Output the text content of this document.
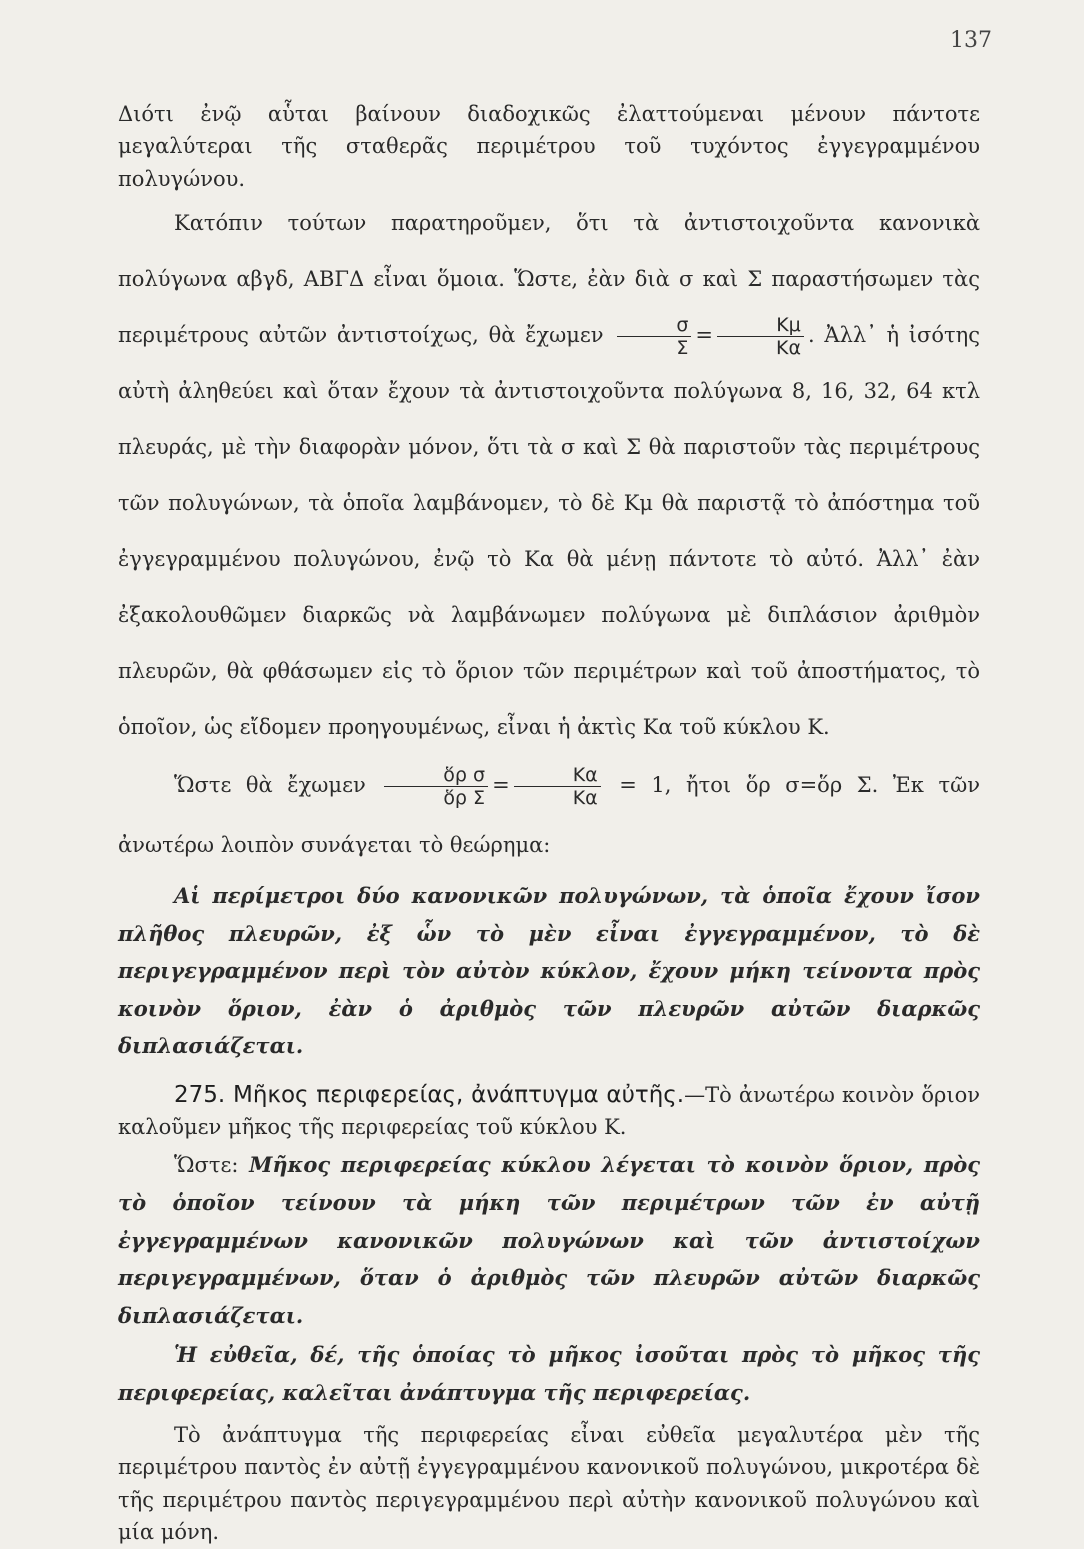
137

Διότι ἐνῷ αὗται βαίνουν διαδοχικῶς ἐλαττούμεναι μένουν πάντοτε μεγαλύτεραι τῆς σταθερᾶς περιμέτρου τοῦ τυχόντος ἐγγεγραμμένου πολυγώνου.

Κατόπιν τούτων παρατηροῦμεν, ὅτι τὰ ἀντιστοιχοῦντα κανονικὰ πολύγωνα αβγδ, ΑΒΓΔ εἶναι ὅμοια. Ὥστε, ἐὰν διὰ σ καὶ Σ παραστήσωμεν τὰς περιμέτρους αὐτῶν ἀντιστοίχως, θὰ ἔχωμεν $\frac{\sigma}{\Sigma} = \frac{K\mu}{K\alpha}$ . Ἀλλ᾽ ἡ ἰσότης αὐτὴ ἀληθεύει καὶ ὅταν ἔχουν τὰ ἀντιστοιχοῦντα πολύγωνα 8, 16, 32, 64 κτλ πλευράς, μὲ τὴν διαφορὰν μόνον, ὅτι τὰ σ καὶ Σ θὰ παριστοῦν τὰς περιμέτρους τῶν πολυγώνων, τὰ ὁποῖα λαμβάνομεν, τὸ δὲ Κμ θὰ παριστᾷ τὸ ἀπόστημα τοῦ ἐγγεγραμμένου πολυγώνου, ἐνῷ τὸ Κα θὰ μένῃ πάντοτε τὸ αὐτό. Ἀλλ᾽ ἐὰν ἐξακολουθῶμεν διαρκῶς νὰ λαμβάνωμεν πολύγωνα μὲ διπλάσιον ἀριθμὸν πλευρῶν, θὰ φθάσωμεν εἰς τὸ ὅριον τῶν περιμέτρων καὶ τοῦ ἀποστήματος, τὸ ὁποῖον, ὡς εἴδομεν προηγουμένως, εἶναι ἡ ἀκτὶς Κα τοῦ κύκλου Κ.

Ὥστε θὰ ἔχωμεν $\frac{\text{ὅρ σ}}{\text{ὅρ Σ}} = \frac{K\alpha}{K\alpha} = 1$, ἤτοι ὅρ σ=ὅρ Σ. Ἐκ τῶν ἀνωτέρω λοιπὸν συνάγεται τὸ θεώρημα:

Αἱ περίμετροι δύο κανονικῶν πολυγώνων, τὰ ὁποῖα ἔχουν ἴσον πλῆθος πλευρῶν, ἐξ ὧν τὸ μὲν εἶναι ἐγγεγραμμένον, τὸ δὲ περιγεγραμμένον περὶ τὸν αὐτὸν κύκλον, ἔχουν μήκη τείνοντα πρὸς κοινὸν ὅριον, ἐὰν ὁ ἀριθμὸς τῶν πλευρῶν αὐτῶν διαρκῶς διπλασιάζεται.

275. Μῆκος περιφερείας, ἀνάπτυγμα αὐτῆς.—Τὸ ἀνωτέρω κοινὸν ὅριον καλοῦμεν μῆκος τῆς περιφερείας τοῦ κύκλου Κ.

Ὥστε: Μῆκος περιφερείας κύκλου λέγεται τὸ κοινὸν ὅριον, πρὸς τὸ ὁποῖον τείνουν τὰ μήκη τῶν περιμέτρων τῶν ἐν αὐτῇ ἐγγεγραμμένων κανονικῶν πολυγώνων καὶ τῶν ἀντιστοίχων περιγεγραμμένων, ὅταν ὁ ἀριθμὸς τῶν πλευρῶν αὐτῶν διαρκῶς διπλασιάζεται.

Ἡ εὐθεῖα, δέ, τῆς ὁποίας τὸ μῆκος ἰσοῦται πρὸς τὸ μῆκος τῆς περιφερείας, καλεῖται ἀνάπτυγμα τῆς περιφερείας.

Τὸ ἀνάπτυγμα τῆς περιφερείας εἶναι εὐθεῖα μεγαλυτέρα μὲν τῆς περιμέτρου παντὸς ἐν αὐτῇ ἐγγεγραμμένου κανονικοῦ πολυγώνου, μικροτέρα δὲ τῆς περιμέτρου παντὸς περιγεγραμμένου περὶ αὐτὴν κανονικοῦ πολυγώνου καὶ μία μόνη.
